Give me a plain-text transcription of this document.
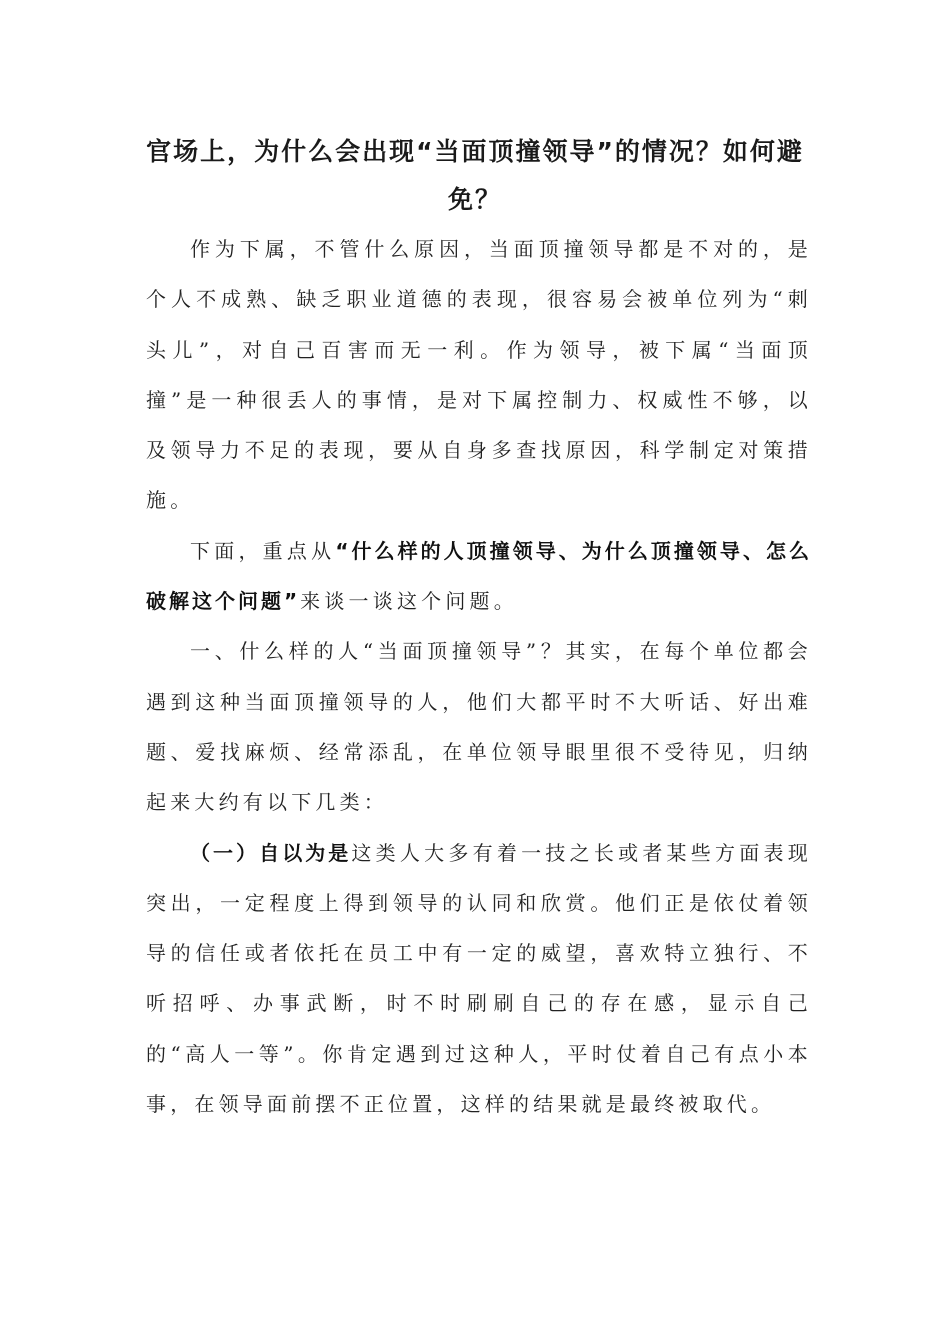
官场上，为什么会出现“当面顶撞领导”的情况？如何避免？

作为下属，不管什么原因，当面顶撞领导都是不对的，是个人不成熟、缺乏职业道德的表现，很容易会被单位列为“刺头儿”，对自己百害而无一利。作为领导，被下属“当面顶撞”是一种很丢人的事情，是对下属控制力、权威性不够，以及领导力不足的表现，要从自身多查找原因，科学制定对策措施。

下面，重点从“什么样的人顶撞领导、为什么顶撞领导、怎么破解这个问题”来谈一谈这个问题。

一、什么样的人“当面顶撞领导”？其实，在每个单位都会遇到这种当面顶撞领导的人，他们大都平时不大听话、好出难题、爱找麻烦、经常添乱，在单位领导眼里很不受待见，归纳起来大约有以下几类：

（一）自以为是这类人大多有着一技之长或者某些方面表现突出，一定程度上得到领导的认同和欣赏。他们正是依仗着领导的信任或者依托在员工中有一定的威望，喜欢特立独行、不听招呼、办事武断，时不时刷刷自己的存在感，显示自己的“高人一等”。你肯定遇到过这种人，平时仗着自己有点小本事，在领导面前摆不正位置，这样的结果就是最终被取代。
